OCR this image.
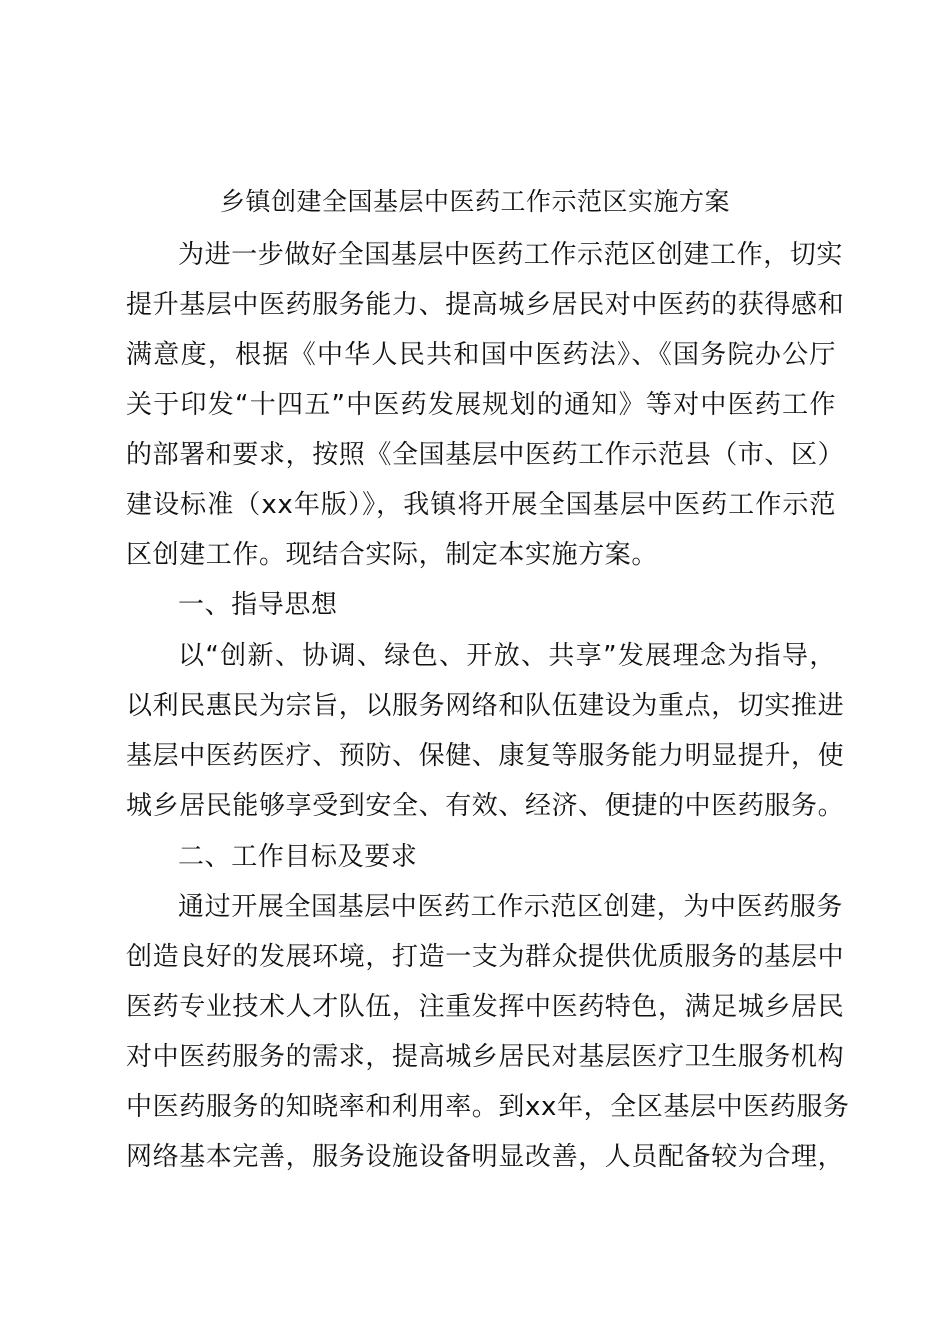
乡镇创建全国基层中医药工作示范区实施方案
为进一步做好全国基层中医药工作示范区创建工作，切实
提升基层中医药服务能力、提高城乡居民对中医药的获得感和
满意度，根据《中华人民共和国中医药法》、《国务院办公厅
关于印发“十四五”中医药发展规划的通知》等对中医药工作
的部署和要求，按照《全国基层中医药工作示范县（市、区）
建设标准（xx年版）》，我镇将开展全国基层中医药工作示范
区创建工作。现结合实际，制定本实施方案。
一、指导思想
以“创新、协调、绿色、开放、共享”发展理念为指导，
以利民惠民为宗旨，以服务网络和队伍建设为重点，切实推进
基层中医药医疗、预防、保健、康复等服务能力明显提升，使
城乡居民能够享受到安全、有效、经济、便捷的中医药服务。
二、工作目标及要求
通过开展全国基层中医药工作示范区创建，为中医药服务
创造良好的发展环境，打造一支为群众提供优质服务的基层中
医药专业技术人才队伍，注重发挥中医药特色，满足城乡居民
对中医药服务的需求，提高城乡居民对基层医疗卫生服务机构
中医药服务的知晓率和利用率。到xx年，全区基层中医药服务
网络基本完善，服务设施设备明显改善，人员配备较为合理，
